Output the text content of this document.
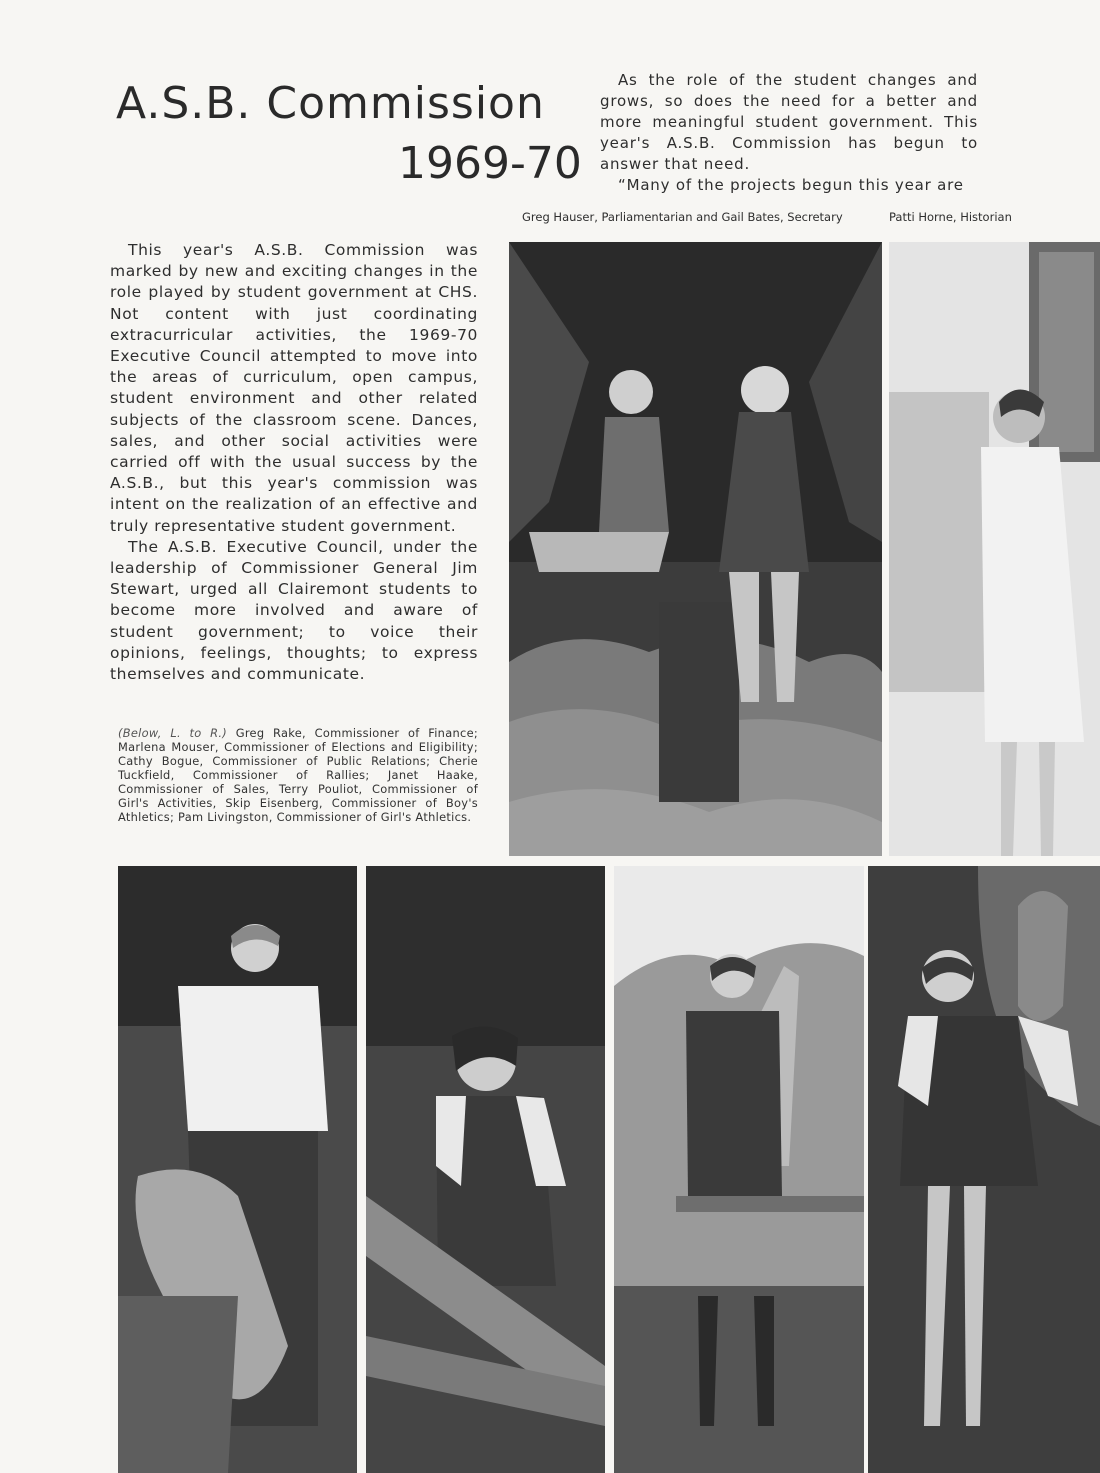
A.S.B. Commission
1969-70

As the role of the student changes and grows, so does the need for a better and more meaningful student government. This year's A.S.B. Commission has begun to answer that need.

“Many of the projects begun this year are

Greg Hauser, Parliamentarian and Gail Bates, Secretary	Patti Horne, Historian

This year's A.S.B. Commission was marked by new and exciting changes in the role played by student government at CHS. Not content with just coordinating extracurricular activities, the 1969-70 Executive Council attempted to move into the areas of curriculum, open campus, student environment and other related subjects of the classroom scene. Dances, sales, and other social activities were carried off with the usual success by the A.S.B., but this year's commission was intent on the realization of an effective and truly representative student government.

The A.S.B. Executive Council, under the leadership of Commissioner General Jim Stewart, urged all Clairemont students to become more involved and aware of student government; to voice their opinions, feelings, thoughts; to express themselves and communicate.

(Below, L. to R.) Greg Rake, Commissioner of Finance; Marlena Mouser, Commissioner of Elections and Eligibility; Cathy Bogue, Commissioner of Public Relations; Cherie Tuckfield, Commissioner of Rallies; Janet Haake, Commissioner of Sales, Terry Pouliot, Commissioner of Girl's Activities, Skip Eisenberg, Commissioner of Boy's Athletics; Pam Livingston, Commissioner of Girl's Athletics.
